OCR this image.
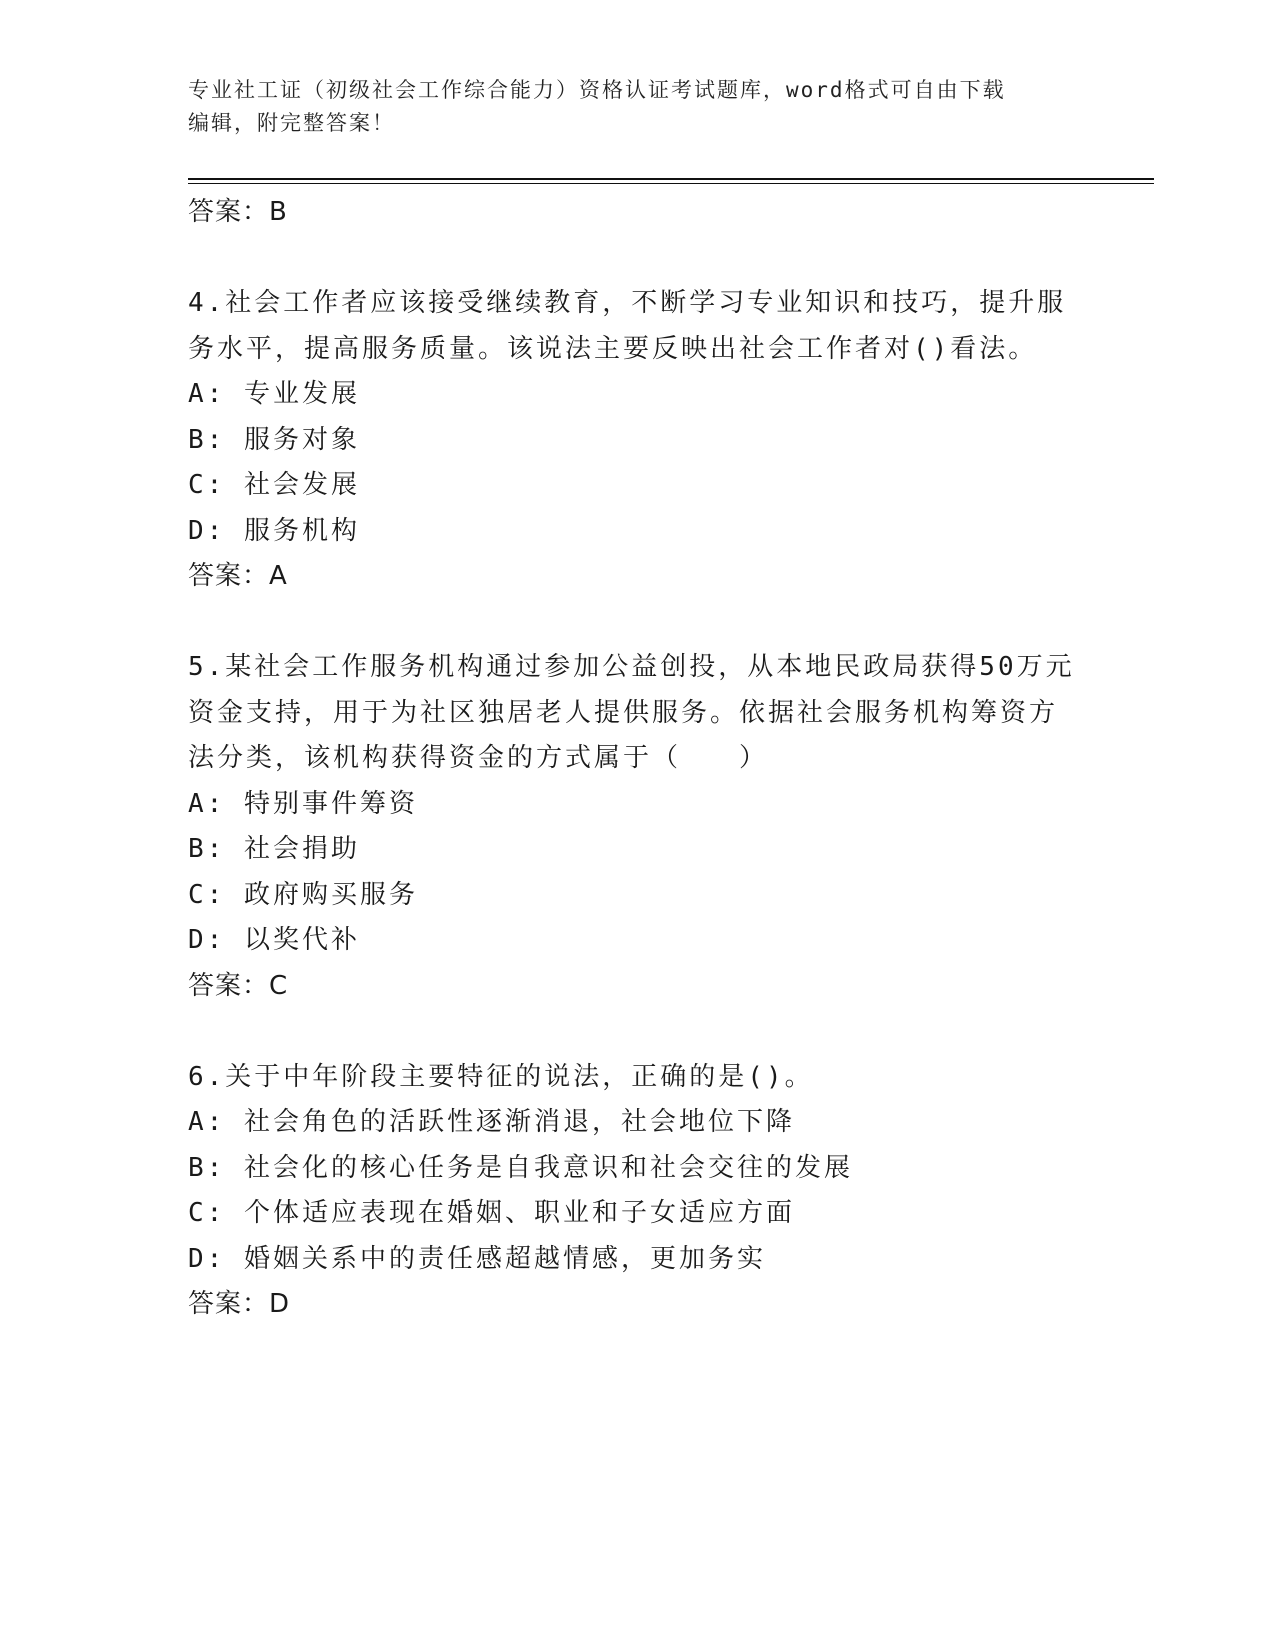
专业社工证（初级社会工作综合能力）资格认证考试题库，word格式可自由下载

编辑，附完整答案！

答案：B
4.社会工作者应该接受继续教育，不断学习专业知识和技巧，提升服
务水平，提高服务质量。该说法主要反映出社会工作者对()看法。
A: 专业发展
B: 服务对象
C: 社会发展
D: 服务机构
答案：A
5.某社会工作服务机构通过参加公益创投，从本地民政局获得50万元
资金支持，用于为社区独居老人提供服务。依据社会服务机构筹资方
法分类，该机构获得资金的方式属于（　　）
A: 特别事件筹资
B: 社会捐助
C: 政府购买服务
D: 以奖代补
答案：C
6.关于中年阶段主要特征的说法，正确的是()。
A: 社会角色的活跃性逐渐消退，社会地位下降
B: 社会化的核心任务是自我意识和社会交往的发展
C: 个体适应表现在婚姻、职业和子女适应方面
D: 婚姻关系中的责任感超越情感，更加务实
答案：D
